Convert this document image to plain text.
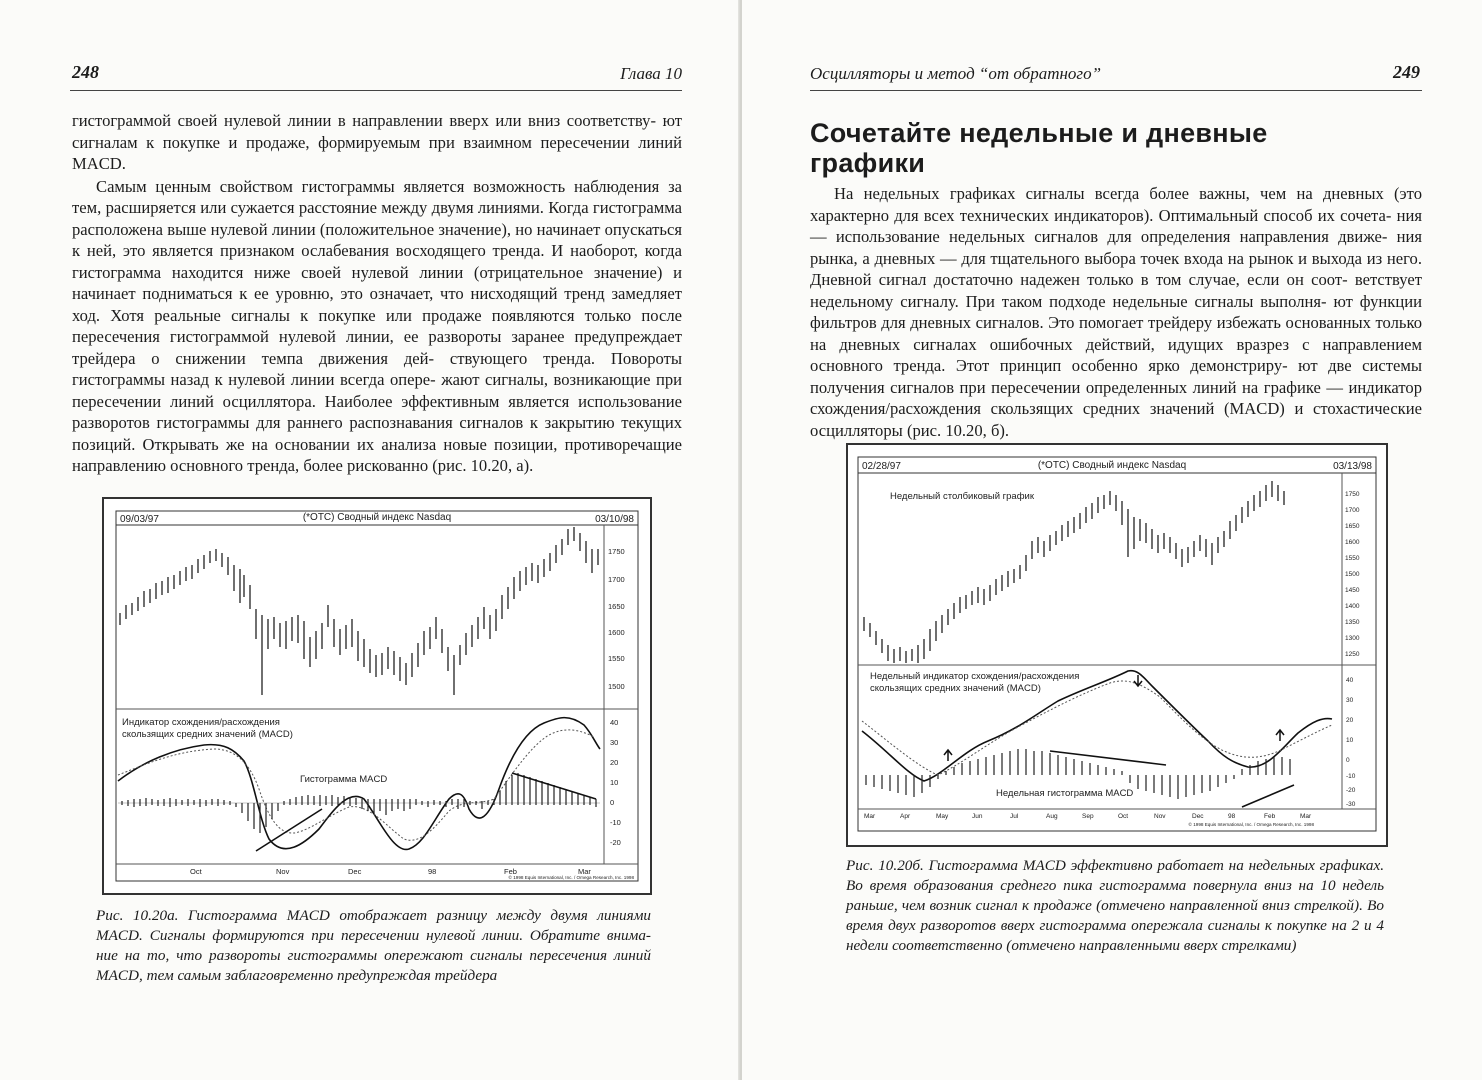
248	Глава 10

гистограммой своей нулевой линии в направлении вверх или вниз соответству- ют сигналам к покупке и продаже, формируемым при взаимном пересечении линий MACD.

Самым ценным свойством гистограммы является возможность наблюдения за тем, расширяется или сужается расстояние между двумя линиями. Когда гистограмма расположена выше нулевой линии (положительное значение), но начинает опускаться к ней, это является признаком ослабевания восходящего тренда. И наоборот, когда гистограмма находится ниже своей нулевой линии (отрицательное значение) и начинает подниматься к ее уровню, это означает, что нисходящий тренд замедляет ход. Хотя реальные сигналы к покупке или продаже появляются только после пересечения гистограммой нулевой линии, ее развороты заранее предупреждает трейдера о снижении темпа движения дей- ствующего тренда. Повороты гистограммы назад к нулевой линии всегда опере- жают сигналы, возникающие при пересечении линий осциллятора. Наиболее эффективным является использование разворотов гистограммы для раннего распознавания сигналов к закрытию текущих позиций. Открывать же на основании их анализа новые позиции, противоречащие направлению основного тренда, более рискованно (рис. 10.20, а).

09/03/97	(*OTC) Сводный индекс Nasdaq	03/10/98
1750
1700
1650
1600
1550
1500
Индикатор схождения/расхождения
скользящих средних значений (MACD)
Гистограмма MACD
40
30
20
10
0
-10
-20
Oct	Nov	Dec	98	Feb	Mar
© 1998 Equis International, Inc. / Omega Research, Inc. 1998
Рис. 10.20а. Гистограмма MACD отображает разницу между двумя линиями MACD. Сигналы формируются при пересечении нулевой линии. Обратите внима- ние на то, что развороты гистограммы опережают сигналы пересечения линий MACD, тем самым заблаговременно предупреждая трейдера
Осцилляторы и метод “от обратного”	249
Сочетайте недельные и дневные графики

На недельных графиках сигналы всегда более важны, чем на дневных (это характерно для всех технических индикаторов). Оптимальный способ их сочета- ния — использование недельных сигналов для определения направления движе- ния рынка, а дневных — для тщательного выбора точек входа на рынок и выхода из него. Дневной сигнал достаточно надежен только в том случае, если он соот- ветствует недельному сигналу. При таком подходе недельные сигналы выполня- ют функции фильтров для дневных сигналов. Это помогает трейдеру избежать основанных только на дневных сигналах ошибочных действий, идущих вразрез с направлением основного тренда. Этот принцип особенно ярко демонстриру- ют две системы получения сигналов при пересечении определенных линий на графике — индикатор схождения/расхождения скользящих средних значений (MACD) и стохастические осцилляторы (рис. 10.20, б).

02/28/97	(*OTC) Сводный индекс Nasdaq	03/13/98
Недельный столбиковый график	1750
1700
1650
1600
1550
1500
1450
1400
1350
1300
1250
Недельный индикатор схождения/расхождения
скользящих средних значений (MACD)
Недельная гистограмма MACD
40
30
20
10
0
-10
-20
-30
Mar	Apr	May	Jun	Jul	Aug	Sep	Oct	Nov	Dec	98	Feb	Mar
© 1998 Equis International, Inc. / Omega Research, Inc. 1998
Рис. 10.20б. Гистограмма MACD эффективно работает на недельных графиках. Во время образования среднего пика гистограмма повернула вниз на 10 недель раньше, чем возник сигнал к продаже (отмечено направленной вниз стрелкой). Во время двух разворотов вверх гистограмма опережала сигналы к покупке на 2 и 4 недели соответственно (отмечено направленными вверх стрелками)
